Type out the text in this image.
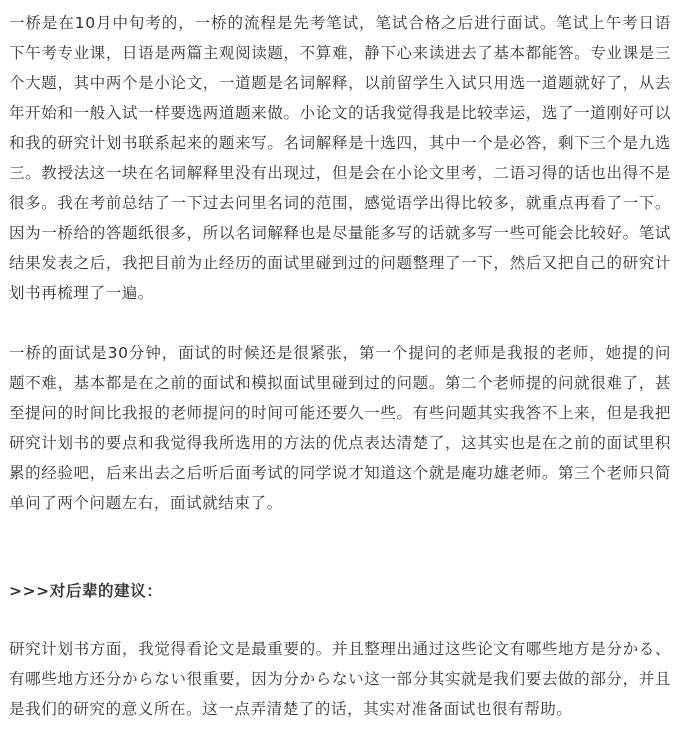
一桥是在10月中旬考的，一桥的流程是先考笔试，笔试合格之后进行面试。笔试上午考日语下午考专业课，日语是两篇主观阅读题，不算难，静下心来读进去了基本都能答。专业课是三个大题，其中两个是小论文，一道题是名词解释，以前留学生入试只用选一道题就好了，从去年开始和一般入试一样要选两道题来做。小论文的话我觉得我是比较幸运，选了一道刚好可以和我的研究计划书联系起来的题来写。名词解释是十选四，其中一个是必答，剩下三个是九选三。教授法这一块在名词解释里没有出现过，但是会在小论文里考，二语习得的话也出得不是很多。我在考前总结了一下过去问里名词的范围，感觉语学出得比较多，就重点再看了一下。因为一桥给的答题纸很多，所以名词解释也是尽量能多写的话就多写一些可能会比较好。笔试结果发表之后，我把目前为止经历的面试里碰到过的问题整理了一下，然后又把自己的研究计划书再梳理了一遍。

一桥的面试是30分钟，面试的时候还是很紧张，第一个提问的老师是我报的老师，她提的问题不难，基本都是在之前的面试和模拟面试里碰到过的问题。第二个老师提的问就很难了，甚至提问的时间比我报的老师提问的时间可能还要久一些。有些问题其实我答不上来，但是我把研究计划书的要点和我觉得我所选用的方法的优点表达清楚了，这其实也是在之前的面试里积累的经验吧，后来出去之后听后面考试的同学说才知道这个就是庵功雄老师。第三个老师只简单问了两个问题左右，面试就结束了。

>>>对后辈的建议：

研究计划书方面，我觉得看论文是最重要的。并且整理出通过这些论文有哪些地方是分かる、有哪些地方还分からない很重要，因为分からない这一部分其实就是我们要去做的部分，并且是我们的研究的意义所在。这一点弄清楚了的话，其实对准备面试也很有帮助。
